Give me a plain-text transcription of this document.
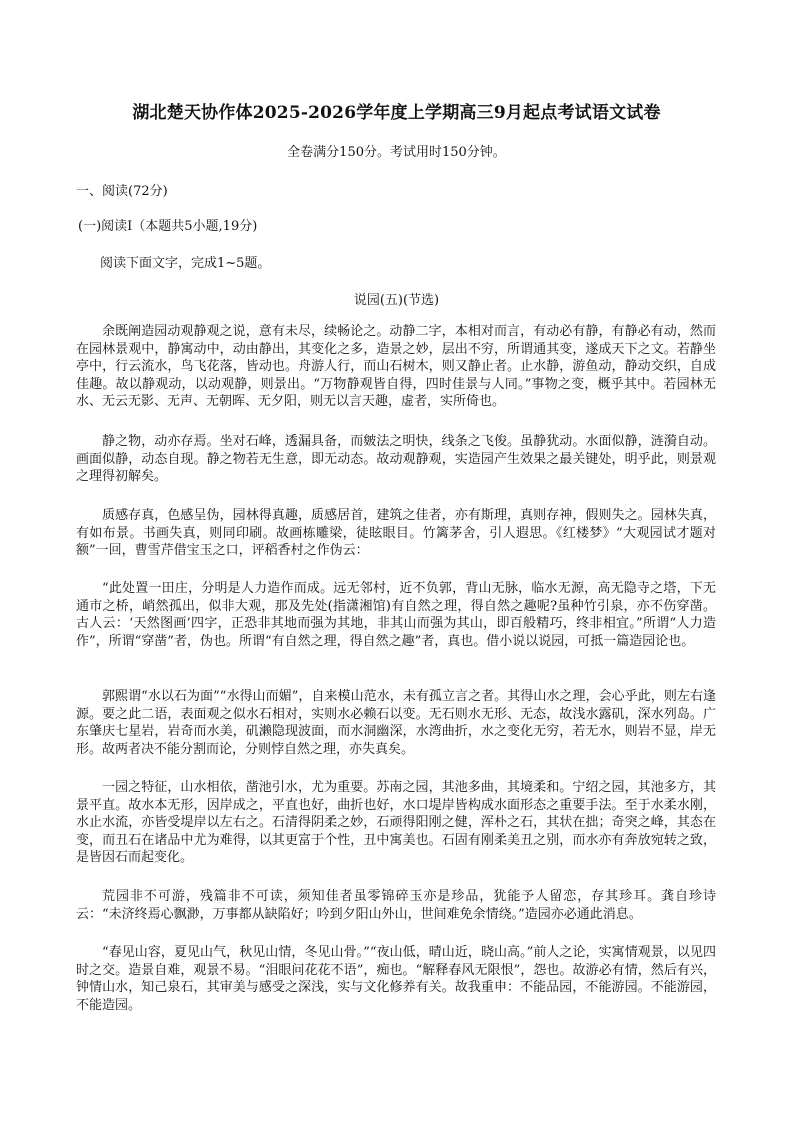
湖北楚天协作体2025-2026学年度上学期高三9月起点考试语文试卷
全卷满分150分。考试用时150分钟。
一、阅读(72分)
(一)阅读Ⅰ（本题共5小题,19分)
阅读下面文字，完成1~5题。
说园(五)(节选)

余既阐造园动观静观之说，意有未尽，续畅论之。动静二字，本相对而言，有动必有静，有静必有动，然而在园林景观中，静寓动中，动由静出，其变化之多，造景之妙，层出不穷，所谓通其变，遂成天下之文。若静坐亭中，行云流水，鸟飞花落，皆动也。舟游人行，而山石树木，则又静止者。止水静，游鱼动，静动交织，自成佳趣。故以静观动，以动观静，则景出。“万物静观皆自得，四时佳景与人同。”事物之变，概乎其中。若园林无水、无云无影、无声、无朝晖、无夕阳，则无以言天趣，虚者，实所倚也。

静之物，动亦存焉。坐对石峰，透漏具备，而皴法之明快，线条之飞俊。虽静犹动。水面似静，涟漪自动。画面似静，动态自现。静之物若无生意，即无动态。故动观静观，实造园产生效果之最关键处，明乎此，则景观之理得初解矣。

质感存真，色感呈伪，园林得真趣，质感居首，建筑之佳者，亦有斯理，真则存神，假则失之。园林失真，有如布景。书画失真，则同印刷。故画栋雕梁，徒眩眼目。竹篱茅舍，引人遐思。《红楼梦》“大观园试才题对额”一回，曹雪芹借宝玉之口，评稻香村之作伪云：

“此处置一田庄，分明是人力造作而成。远无邻村，近不负郭，背山无脉，临水无源，高无隐寺之塔，下无通市之桥，峭然孤出，似非大观，那及先处(指潇湘馆)有自然之理，得自然之趣呢?虽种竹引泉，亦不伤穿凿。古人云：‘天然图画’四字，正恐非其地而强为其地，非其山而强为其山，即百般精巧，终非相宜。”所谓“人力造作”，所谓“穿凿”者，伪也。所谓“有自然之理，得自然之趣”者，真也。借小说以说园，可抵一篇造园论也。

郭熙谓“水以石为面”“水得山而媚”，自来模山范水，未有孤立言之者。其得山水之理，会心乎此，则左右逢源。要之此二语，表面观之似水石相对，实则水必赖石以变。无石则水无形、无态，故浅水露矶，深水列岛。广东肇庆七星岩，岩奇而水美，矶濑隐现波面，而水洞幽深，水湾曲折，水之变化无穷，若无水，则岩不显，岸无形。故两者决不能分割而论，分则悖自然之理，亦失真矣。

一园之特征，山水相依，凿池引水，尤为重要。苏南之园，其池多曲，其境柔和。宁绍之园，其池多方，其景平直。故水本无形，因岸成之，平直也好，曲折也好，水口堤岸皆构成水面形态之重要手法。至于水柔水刚，水止水流，亦皆受堤岸以左右之。石清得阴柔之妙，石顽得阳刚之健，浑朴之石，其状在拙；奇突之峰，其态在变，而丑石在诸品中尤为难得，以其更富于个性，丑中寓美也。石固有刚柔美丑之别，而水亦有奔放宛转之致，是皆因石而起变化。

荒园非不可游，残篇非不可读，须知佳者虽零锦碎玉亦是珍品，犹能予人留恋，存其珍耳。龚自珍诗云：“未济终焉心飘渺，万事都从缺陷好；吟到夕阳山外山，世间难免余情绕。”造园亦必通此消息。

“春见山容，夏见山气，秋见山情，冬见山骨。”“夜山低，晴山近，晓山高。”前人之论，实寓情观景，以见四时之交。造景自难，观景不易。“泪眼问花花不语”，痴也。“解释春风无限恨”，怨也。故游必有情，然后有兴，钟情山水，知己泉石，其审美与感受之深浅，实与文化修养有关。故我重申：不能品园，不能游园。不能游园，不能造园。
